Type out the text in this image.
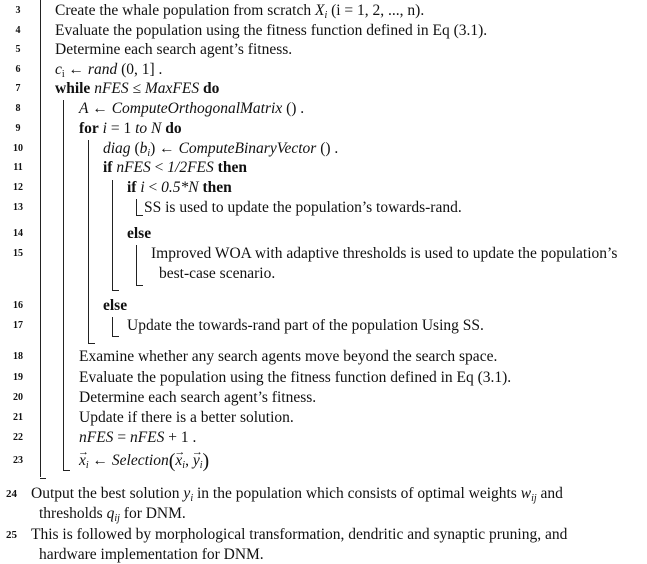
3	Create the whale population from scratch $X_i$ (i = 1, 2, ..., n).
4	Evaluate the population using the fitness function defined in Eq (3.1).
5	Determine each search agent’s fitness.
6	$c_i$ ← rand (0, 1] .
7	while nFES ≤ MaxFES do
8	A ← ComputeOrthogonalMatrix () .
9	for i = 1 to N do
10	diag $(b_i)$ ← ComputeBinaryVector () .
11	if nFES < 1/2FES then
12	if i < 0.5*N then
13	SS is used to update the population’s towards-rand.
14	else
15	Improved WOA with adaptive thresholds is used to update the population’s
best-case scenario.
16	else
17	Update the towards-rand part of the population Using SS.
18	Examine whether any search agents move beyond the search space.
19	Evaluate the population using the fitness function defined in Eq (3.1).
20	Determine each search agent’s fitness.
21	Update if there is a better solution.
22	nFES = nFES + 1 .
23	→ $x_i$ ← Selection(→ $x_i$, → $y_i$)
24 Output the best solution $y_i$ in the population which consists of optimal weights $w_{ij}$ and
thresholds $q_{ij}$ for DNM.
25 This is followed by morphological transformation, dendritic and synaptic pruning, and
hardware implementation for DNM.
